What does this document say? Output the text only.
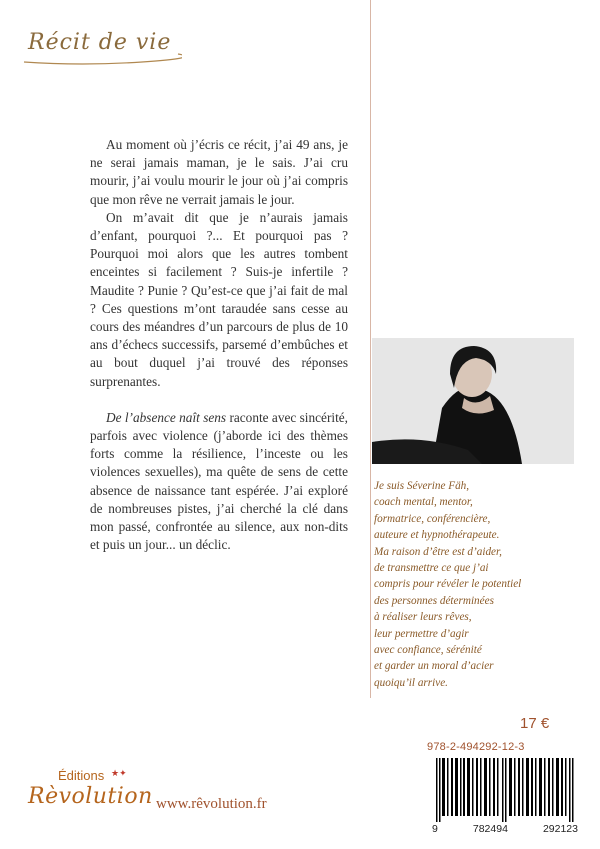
Récit de vie

Au moment où j’écris ce récit, j’ai 49 ans, je ne serai jamais maman, je le sais. J’ai cru mourir, j’ai voulu mourir le jour où j’ai compris que mon rêve ne verrait jamais le jour.

On m’avait dit que je n’aurais jamais d’enfant, pourquoi ?... Et pourquoi pas ? Pourquoi moi alors que les autres tombent enceintes si facilement ? Suis-je infertile ? Maudite ? Punie ? Qu’est-ce que j’ai fait de mal ? Ces questions m’ont taraudée sans cesse au cours des méandres d’un parcours de plus de 10 ans d’échecs successifs, parsemé d’embûches et au bout duquel j’ai trouvé des réponses surprenantes.

De l’absence naît sens raconte avec sincérité, parfois avec violence (j’aborde ici des thèmes forts comme la résilience, l’inceste ou les violences sexuelles), ma quête de sens de cette absence de naissance tant espérée. J’ai exploré de nombreuses pistes, j’ai cherché la clé dans mon passé, confrontée au silence, aux non-dits et puis un jour... un déclic.

Je suis Séverine Fäh,
coach mental, mentor,
formatrice, conférencière,
auteure et hypnothérapeute.
Ma raison d’être est d’aider,
de transmettre ce que j’ai
compris pour révéler le potentiel
des personnes déterminées
à réaliser leurs rêves,
leur permettre d’agir
avec confiance, sérénité
et garder un moral d’acier
quoiqu’il arrive.
17 €
978-2-494292-12-3
9	782494	292123
Éditions ★✦
Rèvolution www.rêvolution.fr
